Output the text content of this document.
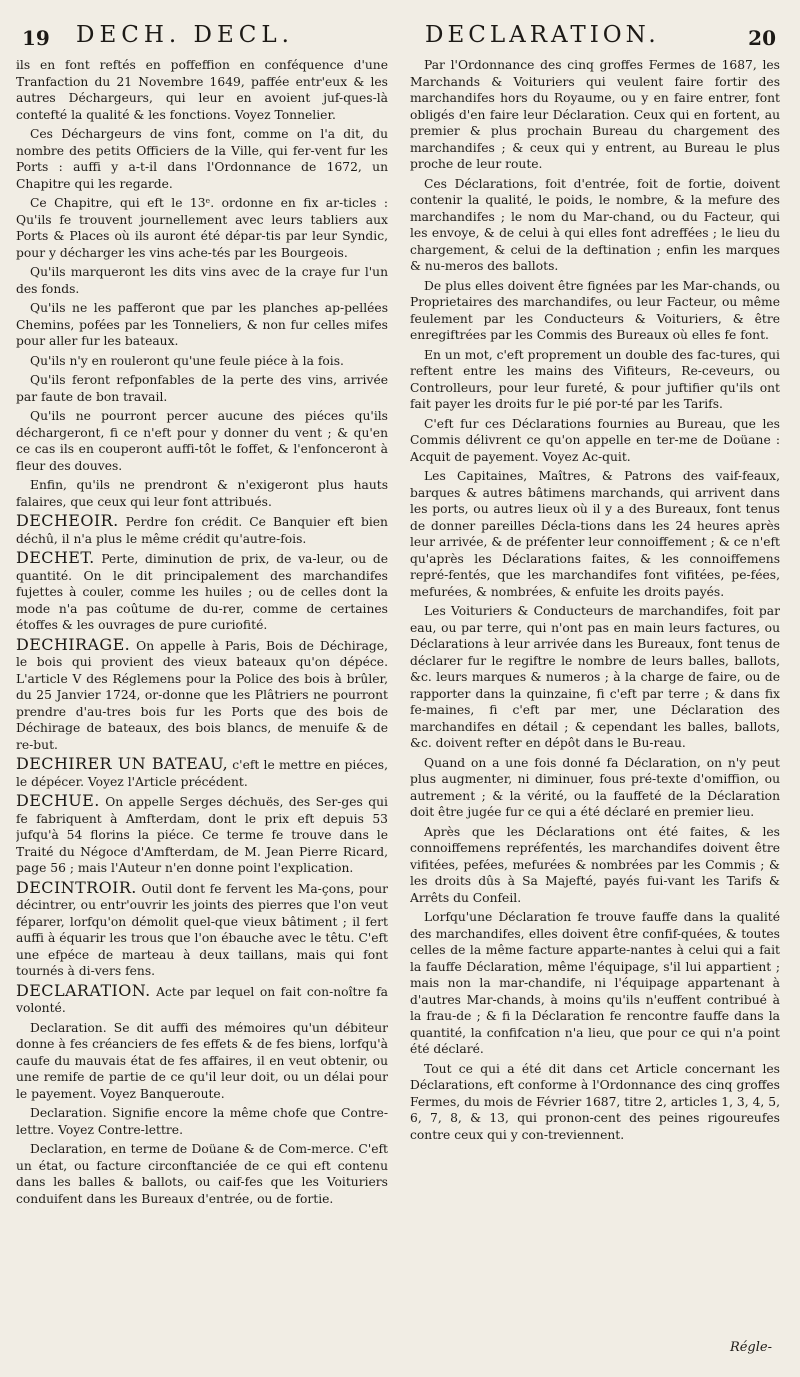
19 DECH. DECL.	DECLARATION.	20

ils en font reftés en poffeffion en conféquence d'une Tranfaction du 21 Novembre 1649, paffée entr'eux & les autres Déchargeurs, qui leur en avoient juf-ques-là contefté la qualité & les fonctions. Voyez Tonnelier.

Ces Déchargeurs de vins font, comme on l'a dit, du nombre des petits Officiers de la Ville, qui fer-vent fur les Ports : auffi y a-t-il dans l'Ordonnance de 1672, un Chapitre qui les regarde.

Ce Chapitre, qui eft le 13ᵉ. ordonne en fix ar-ticles : Qu'ils fe trouvent journellement avec leurs tabliers aux Ports & Places où ils auront été dépar-tis par leur Syndic, pour y décharger les vins ache-tés par les Bourgeois.

Qu'ils marqueront les dits vins avec de la craye fur l'un des fonds.

Qu'ils ne les pafferont que par les planches ap-pellées Chemins, pofées par les Tonneliers, & non fur celles mifes pour aller fur les bateaux.

Qu'ils n'y en rouleront qu'une feule piéce à la fois.

Qu'ils feront refponfables de la perte des vins, arrivée par faute de bon travail.

Qu'ils ne pourront percer aucune des piéces qu'ils déchargeront, fi ce n'eft pour y donner du vent ; & qu'en ce cas ils en couperont auffi-tôt le foffet, & l'enfonceront à fleur des douves.

Enfin, qu'ils ne prendront & n'exigeront plus hauts falaires, que ceux qui leur font attribués.

DECHEOIR. Perdre fon crédit. Ce Banquier eft bien déchû, il n'a plus le même crédit qu'autre-fois.

DECHET. Perte, diminution de prix, de va-leur, ou de quantité. On le dit principalement des marchandifes fujettes à couler, comme les huiles ; ou de celles dont la mode n'a pas coûtume de du-rer, comme de certaines étoffes & les ouvrages de pure curiofité.

DECHIRAGE. On appelle à Paris, Bois de Déchirage, le bois qui provient des vieux bateaux qu'on dépéce. L'article V des Réglemens pour la Police des bois à brûler, du 25 Janvier 1724, or-donne que les Plâtriers ne pourront prendre d'au-tres bois fur les Ports que des bois de Déchirage de bateaux, des bois blancs, de menuife & de re-but.

DECHIRER UN BATEAU, c'eft le mettre en piéces, le dépécer. Voyez l'Article précédent.

DECHUE. On appelle Serges déchuës, des Ser-ges qui fe fabriquent à Amfterdam, dont le prix eft depuis 53 jufqu'à 54 florins la piéce. Ce terme fe trouve dans le Traité du Négoce d'Amfterdam, de M. Jean Pierre Ricard, page 56 ; mais l'Auteur n'en donne point l'explication.

DECINTROIR. Outil dont fe fervent les Ma-çons, pour décintrer, ou entr'ouvrir les joints des pierres que l'on veut féparer, lorfqu'on démolit quel-que vieux bâtiment ; il fert auffi à équarir les trous que l'on ébauche avec le têtu. C'eft une efpéce de marteau à deux taillans, mais qui font tournés à di-vers fens.

DECLARATION. Acte par lequel on fait con-noître fa volonté.

Declaration. Se dit auffi des mémoires qu'un débiteur donne à fes créanciers de fes effets & de fes biens, lorfqu'à caufe du mauvais état de fes affaires, il en veut obtenir, ou une remife de partie de ce qu'il leur doit, ou un délai pour le payement. Voyez Banqueroute.

Declaration. Signifie encore la même chofe que Contre-lettre. Voyez Contre-lettre.

Declaration, en terme de Doüane & de Com-merce. C'eft un état, ou facture circonftanciée de ce qui eft contenu dans les balles & ballots, ou caif-fes que les Voituriers conduifent dans les Bureaux d'entrée, ou de fortie.

Par l'Ordonnance des cinq groffes Fermes de 1687, les Marchands & Voituriers qui veulent faire fortir des marchandifes hors du Royaume, ou y en faire entrer, font obligés d'en faire leur Déclaration. Ceux qui en fortent, au premier & plus prochain Bureau du chargement des marchandifes ; & ceux qui y entrent, au Bureau le plus proche de leur route.

Ces Déclarations, foit d'entrée, foit de fortie, doivent contenir la qualité, le poids, le nombre, & la mefure des marchandifes ; le nom du Mar-chand, ou du Facteur, qui les envoye, & de celui à qui elles font adreffées ; le lieu du chargement, & celui de la deftination ; enfin les marques & nu-meros des ballots.

De plus elles doivent être fignées par les Mar-chands, ou Proprietaires des marchandifes, ou leur Facteur, ou même feulement par les Conducteurs & Voituriers, & être enregiftrées par les Commis des Bureaux où elles fe font.

En un mot, c'eft proprement un double des fac-tures, qui reftent entre les mains des Vifiteurs, Re-ceveurs, ou Controlleurs, pour leur fureté, & pour juftifier qu'ils ont fait payer les droits fur le pié por-té par les Tarifs.

C'eft fur ces Déclarations fournies au Bureau, que les Commis délivrent ce qu'on appelle en ter-me de Doüane : Acquit de payement. Voyez Ac-quit.

Les Capitaines, Maîtres, & Patrons des vaif-feaux, barques & autres bâtimens marchands, qui arrivent dans les ports, ou autres lieux où il y a des Bureaux, font tenus de donner pareilles Décla-tions dans les 24 heures après leur arrivée, & de préfenter leur connoiffement ; & ce n'eft qu'après les Déclarations faites, & les connoiffemens repré-fentés, que les marchandifes font vifitées, pe-fées, mefurées, & nombrées, & enfuite les droits payés.

Les Voituriers & Conducteurs de marchandifes, foit par eau, ou par terre, qui n'ont pas en main leurs factures, ou Déclarations à leur arrivée dans les Bureaux, font tenus de déclarer fur le regiftre le nombre de leurs balles, ballots, &c. leurs marques & numeros ; à la charge de faire, ou de rapporter dans la quinzaine, fi c'eft par terre ; & dans fix fe-maines, fi c'eft par mer, une Déclaration des marchandifes en détail ; & cependant les balles, ballots, &c. doivent refter en dépôt dans le Bu-reau.

Quand on a une fois donné fa Déclaration, on n'y peut plus augmenter, ni diminuer, fous pré-texte d'omiffion, ou autrement ; & la vérité, ou la fauffeté de la Déclaration doit être jugée fur ce qui a été déclaré en premier lieu.

Après que les Déclarations ont été faites, & les connoiffemens repréfentés, les marchandifes doivent être vifitées, pefées, mefurées & nombrées par les Commis ; & les droits dûs à Sa Majefté, payés fui-vant les Tarifs & Arrêts du Confeil.

Lorfqu'une Déclaration fe trouve fauffe dans la qualité des marchandifes, elles doivent être confif-quées, & toutes celles de la même facture apparte-nantes à celui qui a fait la fauffe Déclaration, même l'équipage, s'il lui appartient ; mais non la mar-chandife, ni l'équipage appartenant à d'autres Mar-chands, à moins qu'ils n'euffent contribué à la frau-de ; & fi la Déclaration fe rencontre fauffe dans la quantité, la confifcation n'a lieu, que pour ce qui n'a point été déclaré.

Tout ce qui a été dit dans cet Article concernant les Déclarations, eft conforme à l'Ordonnance des cinq groffes Fermes, du mois de Février 1687, titre 2, articles 1, 3, 4, 5, 6, 7, 8, & 13, qui pronon-cent des peines rigoureufes contre ceux qui y con-treviennent.

Régle-
